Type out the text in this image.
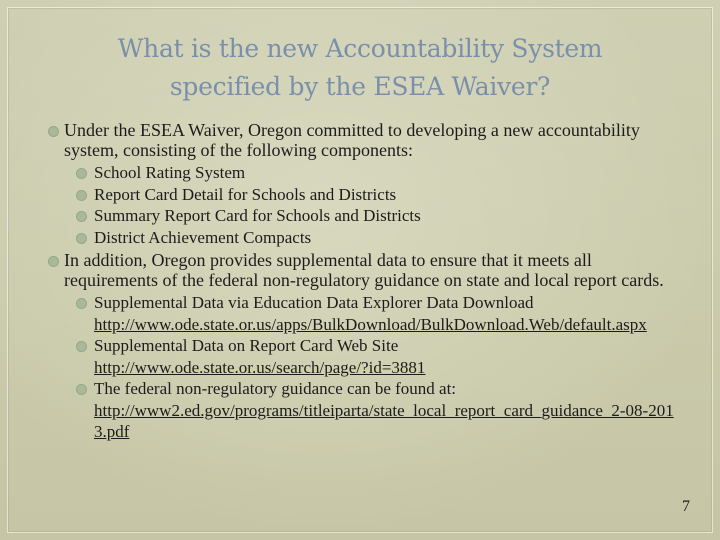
What is the new Accountability System specified by the ESEA Waiver?
Under the ESEA Waiver, Oregon committed to developing a new accountability system, consisting of the following components:
School Rating System
Report Card Detail for Schools and Districts
Summary Report Card for Schools and Districts
District Achievement Compacts
In addition, Oregon provides supplemental data to ensure that it meets all requirements of the federal non-regulatory guidance on state and local report cards.
Supplemental Data via Education Data Explorer Data Download
http://www.ode.state.or.us/apps/BulkDownload/BulkDownload.Web/default.aspx
Supplemental Data on Report Card Web Site
http://www.ode.state.or.us/search/page/?id=3881
The federal non-regulatory guidance can be found at:
http://www2.ed.gov/programs/titleiparta/state_local_report_card_guidance_2-08-2013.pdf
7
